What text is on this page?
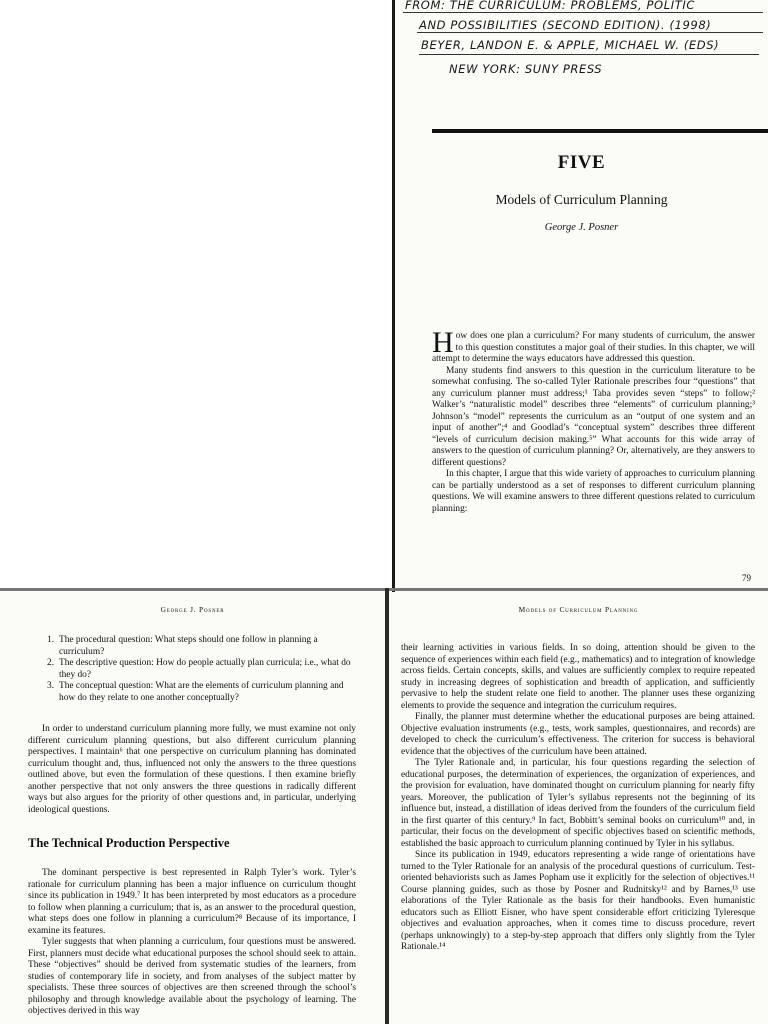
FROM: THE CURRICULUM: PROBLEMS, POLITIC
AND POSSIBILITIES (SECOND EDITION). (1998)
BEYER, LANDON E. & APPLE, MICHAEL W. (EDS)
NEW YORK: SUNY PRESS
FIVE
Models of Curriculum Planning
George J. Posner

How does one plan a curriculum? For many students of curriculum, the answer to this question constitutes a major goal of their studies. In this chapter, we will attempt to determine the ways educators have addressed this question.

Many students find answers to this question in the curriculum literature to be somewhat confusing. The so-called Tyler Rationale prescribes four “questions” that any curriculum planner must address;¹ Taba provides seven “steps” to follow;² Walker’s “naturalistic model” describes three “elements” of curriculum planning;³ Johnson’s “model” represents the curriculum as an “output of one system and an input of another”;⁴ and Goodlad’s “conceptual system” describes three different “levels of curriculum decision making.⁵” What accounts for this wide array of answers to the question of curriculum planning? Or, alternatively, are they answers to different questions?

In this chapter, I argue that this wide variety of approaches to curriculum planning can be partially understood as a set of responses to different curriculum planning questions. We will examine answers to three different questions related to curriculum planning:

79
George J. Posner
1. The procedural question: What steps should one follow in planning a curriculum?
2. The descriptive question: How do people actually plan curricula; i.e., what do they do?
3. The conceptual question: What are the elements of curriculum planning and how do they relate to one another conceptually?

In order to understand curriculum planning more fully, we must examine not only different curriculum planning questions, but also different curriculum planning perspectives. I maintain⁶ that one perspective on curriculum planning has dominated curriculum thought and, thus, influenced not only the answers to the three questions outlined above, but even the formulation of these questions. I then examine briefly another perspective that not only answers the three questions in radically different ways but also argues for the priority of other questions and, in particular, underlying ideological questions.

The Technical Production Perspective

The dominant perspective is best represented in Ralph Tyler’s work. Tyler’s rationale for curriculum planning has been a major influence on curriculum thought since its publication in 1949.⁷ It has been interpreted by most educators as a procedure to follow when planning a curriculum; that is, as an answer to the procedural question, what steps does one follow in planning a curriculum?⁸ Because of its importance, I examine its features.

Tyler suggests that when planning a curriculum, four questions must be answered. First, planners must decide what educational purposes the school should seek to attain. These “objectives” should be derived from systematic studies of the learners, from studies of contemporary life in society, and from analyses of the subject matter by specialists. These three sources of objectives are then screened through the school’s philosophy and through knowledge available about the psychology of learning. The objectives derived in this way

Models of Curriculum Planning

their learning activities in various fields. In so doing, attention should be given to the sequence of experiences within each field (e.g., mathematics) and to integration of knowledge across fields. Certain concepts, skills, and values are sufficiently complex to require repeated study in increasing degrees of sophistication and breadth of application, and sufficiently pervasive to help the student relate one field to another. The planner uses these organizing elements to provide the sequence and integration the curriculum requires.

Finally, the planner must determine whether the educational purposes are being attained. Objective evaluation instruments (e.g., tests, work samples, questionnaires, and records) are developed to check the curriculum’s effectiveness. The criterion for success is behavioral evidence that the objectives of the curriculum have been attained.

The Tyler Rationale and, in particular, his four questions regarding the selection of educational purposes, the determination of experiences, the organization of experiences, and the provision for evaluation, have dominated thought on curriculum planning for nearly fifty years. Moreover, the publication of Tyler’s syllabus represents not the beginning of its influence but, instead, a distillation of ideas derived from the founders of the curriculum field in the first quarter of this century.⁹ In fact, Bobbitt’s seminal books on curriculum¹⁰ and, in particular, their focus on the development of specific objectives based on scientific methods, established the basic approach to curriculum planning continued by Tyler in his syllabus.

Since its publication in 1949, educators representing a wide range of orientations have turned to the Tyler Rationale for an analysis of the procedural questions of curriculum. Test-oriented behaviorists such as James Popham use it explicitly for the selection of objectives.¹¹ Course planning guides, such as those by Posner and Rudnitsky¹² and by Barnes,¹³ use elaborations of the Tyler Rationale as the basis for their handbooks. Even humanistic educators such as Elliott Eisner, who have spent considerable effort criticizing Tyleresque objectives and evaluation approaches, when it comes time to discuss procedure, revert (perhaps unknowingly) to a step-by-step approach that differs only slightly from the Tyler Rationale.¹⁴
